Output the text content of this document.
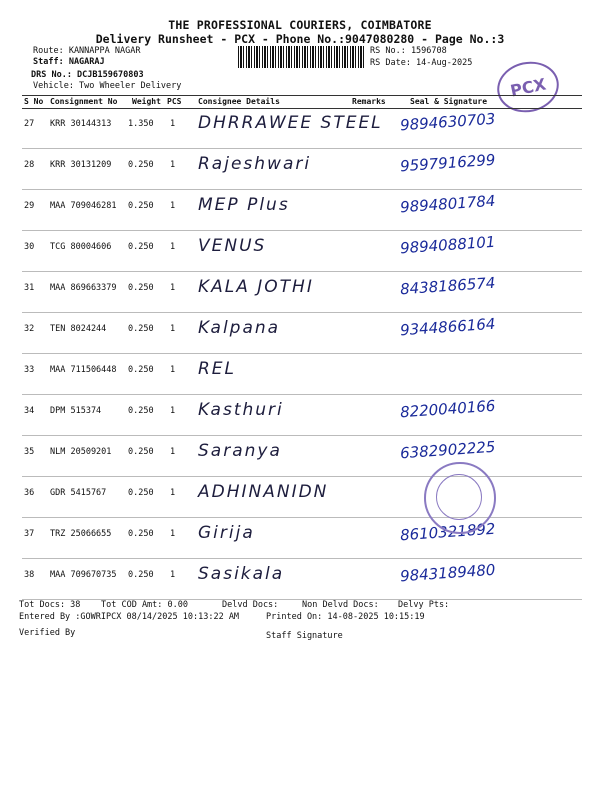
THE PROFESSIONAL COURIERS, COIMBATORE
Delivery Runsheet - PCX - Phone No.:9047080280 - Page No.:3
Route: KANNAPPA NAGAR
Staff: NAGARAJ
DRS No.: DCJB159670803
Vehicle: Two Wheeler Delivery
RS No.: 1596708
RS Date: 14-Aug-2025
PCX
S No Consignment No Weight PCS Consignee Details	Remarks	Seal & Signature
27 KRR 30144313 1.350 1 DHRRAWEE STEEL 9894630703
28 KRR 30131209 0.250 1 Rajeshwari	9597916299
29 MAA 709046281 0.250 1 MEP Plus	9894801784
30 TCG 80004606 0.250 1 VENUS	9894088101
31 MAA 869663379 0.250 1 KALA JOTHI	8438186574
32 TEN 8024244	0.250 1 Kalpana	9344866164
33 MAA 711506448 0.250 1 REL
34 DPM 515374	0.250 1 Kasthuri	8220040166
35 NLM 20509201 0.250 1 Saranya	6382902225
36 GDR 5415767	0.250 1 ADHINANIDN
37 TRZ 25066655 0.250 1 Girija	8610321892
38 MAA 709670735 0.250 1 Sasikala	9843189480
Tot Docs: 38 Tot COD Amt: 0.00	Delvd Docs:	Non Delvd Docs: Delvy Pts:
Entered By :GOWRIPCX 08/14/2025 10:13:22 AM	Printed On: 14-08-2025 10:15:19
Verified By	Staff Signature
